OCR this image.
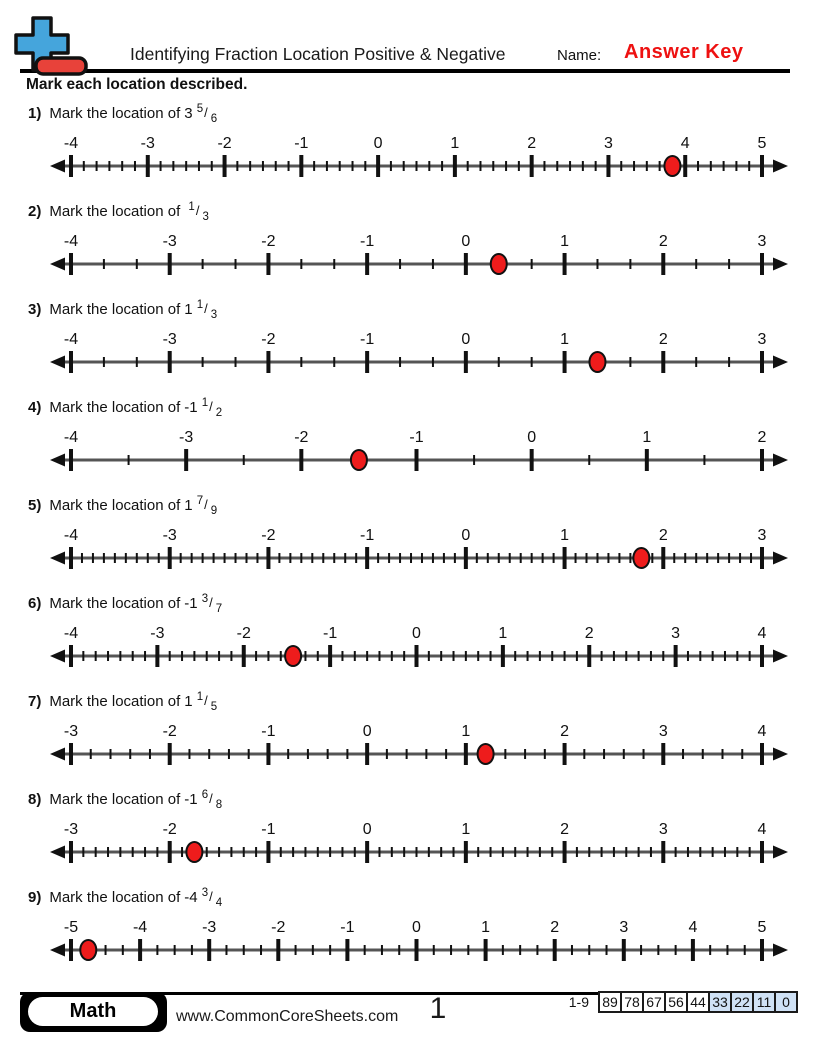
Identifying Fraction Location Positive & Negative	Name: Answer Key
Mark each location described.
1) Mark the location of 3 $^5$/ $_6$
-4	-3	-2	-1	0	1	2	3	4	5
2) Mark the location of $^1$/ $_3$
-4	-3	-2	-1	0	1	2	3
3) Mark the location of 1 $^1$/ $_3$
-4	-3	-2	-1	0	1	2	3
4) Mark the location of -1 $^1$/ $_2$
-4	-3	-2	-1	0	1	2
5) Mark the location of 1 $^7$/ $_9$
-4	-3	-2	-1	0	1	2	3
6) Mark the location of -1 $^3$/ $_7$
-4	-3	-2	-1	0	1	2	3	4
7) Mark the location of 1 $^1$/ $_5$
-3	-2	-1	0	1	2	3	4
8) Mark the location of -1 $^6$/ $_8$
-3	-2	-1	0	1	2	3	4
9) Mark the location of -4 $^3$/ $_4$
-5	-4	-3	-2	-1	0	1	2	3	4	5
Math	www.CommonCoreSheets.com	1	1-9 89 78 67 56 44 33 22 11 0
